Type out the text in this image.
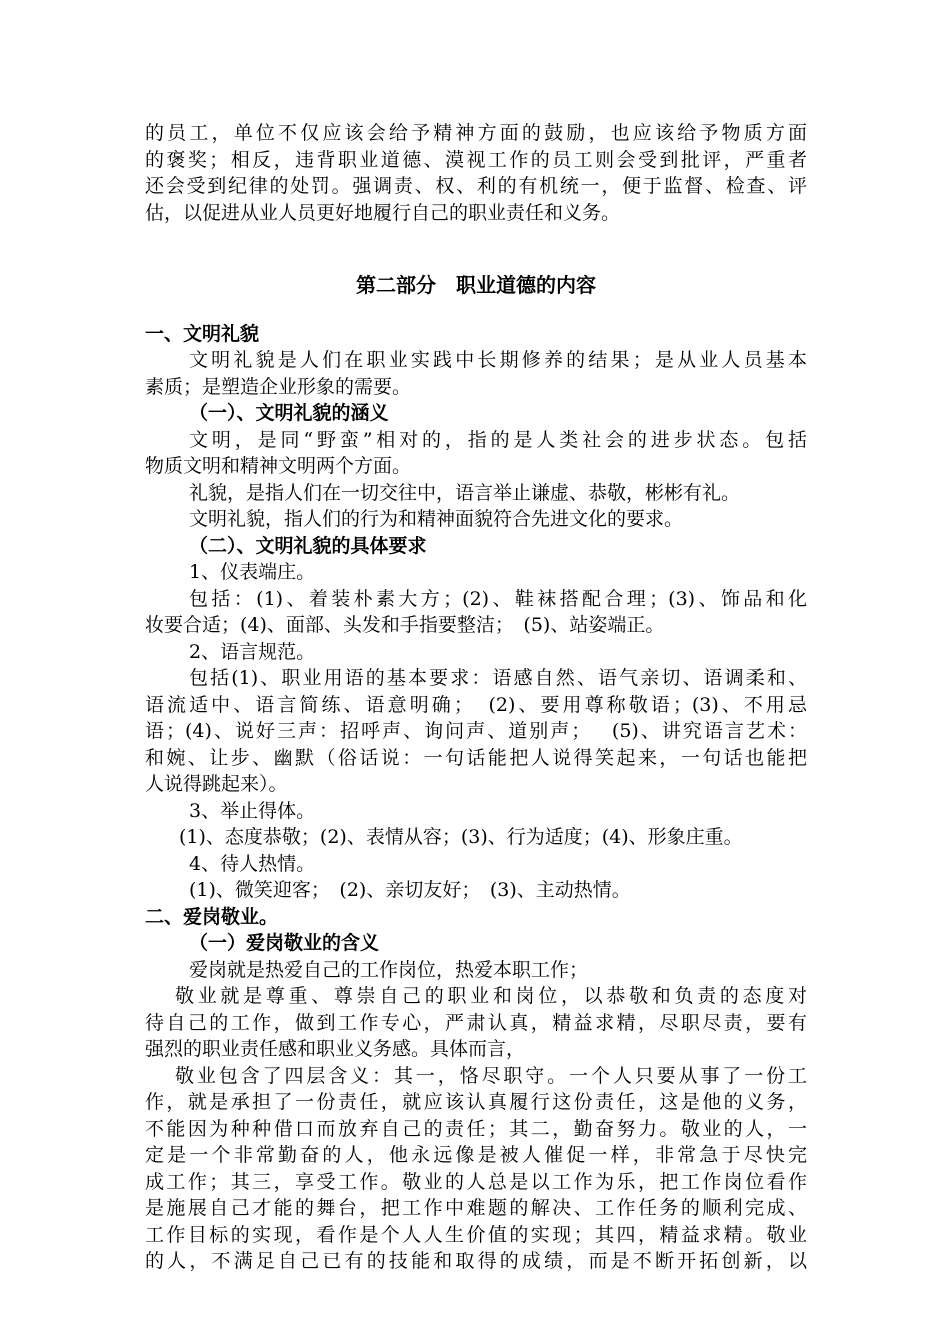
的员工，单位不仅应该会给予精神方面的鼓励，也应该给予物质方面
的褒奖；相反，违背职业道德、漠视工作的员工则会受到批评，严重者
还会受到纪律的处罚。强调责、权、利的有机统一，便于监督、检查、评
估，以促进从业人员更好地履行自己的职业责任和义务。
第二部分　职业道德的内容
一、文明礼貌
文明礼貌是人们在职业实践中长期修养的结果；是从业人员基本
素质；是塑造企业形象的需要。
（一）、文明礼貌的涵义
文明，是同“野蛮”相对的，指的是人类社会的进步状态。包括
物质文明和精神文明两个方面。
礼貌，是指人们在一切交往中，语言举止谦虚、恭敬，彬彬有礼。
文明礼貌，指人们的行为和精神面貌符合先进文化的要求。
（二）、文明礼貌的具体要求
1、仪表端庄。
包括：(1)、着装朴素大方；(2)、鞋袜搭配合理；(3)、饰品和化
妆要合适；(4)、面部、头发和手指要整洁；　(5)、站姿端正。
2、语言规范。
包括(1)、职业用语的基本要求：语感自然、语气亲切、语调柔和、
语流适中、语言简练、语意明确；　(2)、要用尊称敬语；(3)、不用忌
语；(4)、说好三声：招呼声、询问声、道别声；　 (5)、讲究语言艺术：
和婉、让步、幽默（俗话说：一句话能把人说得笑起来，一句话也能把
人说得跳起来）。
3、举止得体。
(1)、态度恭敬；(2)、表情从容；(3)、行为适度；(4)、形象庄重。
4、待人热情。
(1)、微笑迎客；　(2)、亲切友好；　(3)、主动热情。
二、爱岗敬业。
（一）爱岗敬业的含义
爱岗就是热爱自己的工作岗位，热爱本职工作；
敬业就是尊重、尊崇自己的职业和岗位，以恭敬和负责的态度对
待自己的工作，做到工作专心，严肃认真，精益求精，尽职尽责，要有
强烈的职业责任感和职业义务感。具体而言，
敬业包含了四层含义：其一，恪尽职守。一个人只要从事了一份工
作，就是承担了一份责任，就应该认真履行这份责任，这是他的义务，
不能因为种种借口而放弃自己的责任；其二，勤奋努力。敬业的人，一
定是一个非常勤奋的人，他永远像是被人催促一样，非常急于尽快完
成工作；其三，享受工作。敬业的人总是以工作为乐，把工作岗位看作
是施展自己才能的舞台，把工作中难题的解决、工作任务的顺利完成、
工作目标的实现，看作是个人人生价值的实现；其四，精益求精。敬业
的人，不满足自己已有的技能和取得的成绩，而是不断开拓创新，以
